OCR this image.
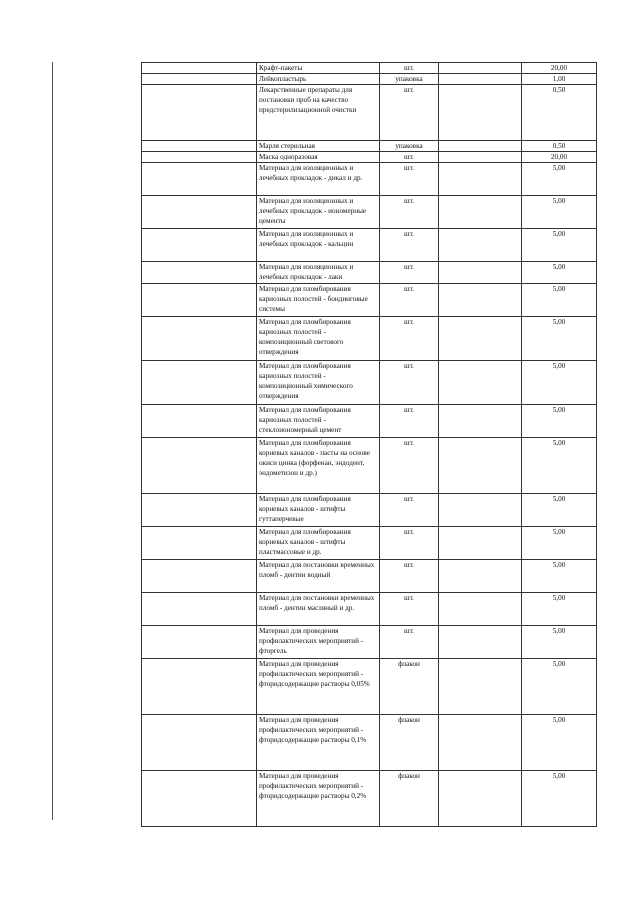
	Крафт-пакеты	шт.		20,00
	Лейкопластырь	упаковка		1,00
	Лекарственные препараты для постановки проб на качество предстерилизационной очистки	шт.		0,50
	Марля стерильная	упаковка		0,50
	Маска одноразовая	шт.		20,00
	Материал для изоляционных и лечебных прокладок - дикал и др.	шт.		5,00
	Материал для изоляционных и лечебных прокладок - иономерные цементы	шт.		5,00
	Материал для изоляционных и лечебных прокладок - кальцин	шт.		5,00
	Материал для изоляционных и лечебных прокладок - лаки	шт.		5,00
	Материал для пломбирования кариозных полостей - бондинговые системы	шт.		5,00
	Материал для пломбирования кариозных полостей - композиционный светового отверждения	шт.		5,00
	Материал для пломбирования кариозных полостей - композиционный химического отверждения	шт.		5,00
	Материал для пломбирования кариозных полостей - стеклоиономерный цемент	шт.		5,00
	Материал для пломбирования корневых каналов - пасты на основе окиси цинка (форфенан, эндодент, эндометизон и др.)	шт.		5,00
	Материал для пломбирования корневых каналов - штифты гуттаперчевые	шт.		5,00
	Материал для пломбирования корневых каналов - штифты пластмассовые и др.	шт.		5,00
	Материал для постановки временных пломб - дентин водный	шт.		5,00
	Материал для постановки временных пломб - дентин масляный и др.	шт.		5,00
	Материал для проведения профилактических мероприятий - фторгель	шт.		5,00
	Материал для проведения профилактических мероприятий - фторидсодержащие растворы 0,05%	флакон		5,00
	Материал для проведения профилактических мероприятий - фторидсодержащие растворы 0,1%	флакон		5,00
	Материал для проведения профилактических мероприятий - фторидсодержащие растворы 0,2%	флакон		5,00
